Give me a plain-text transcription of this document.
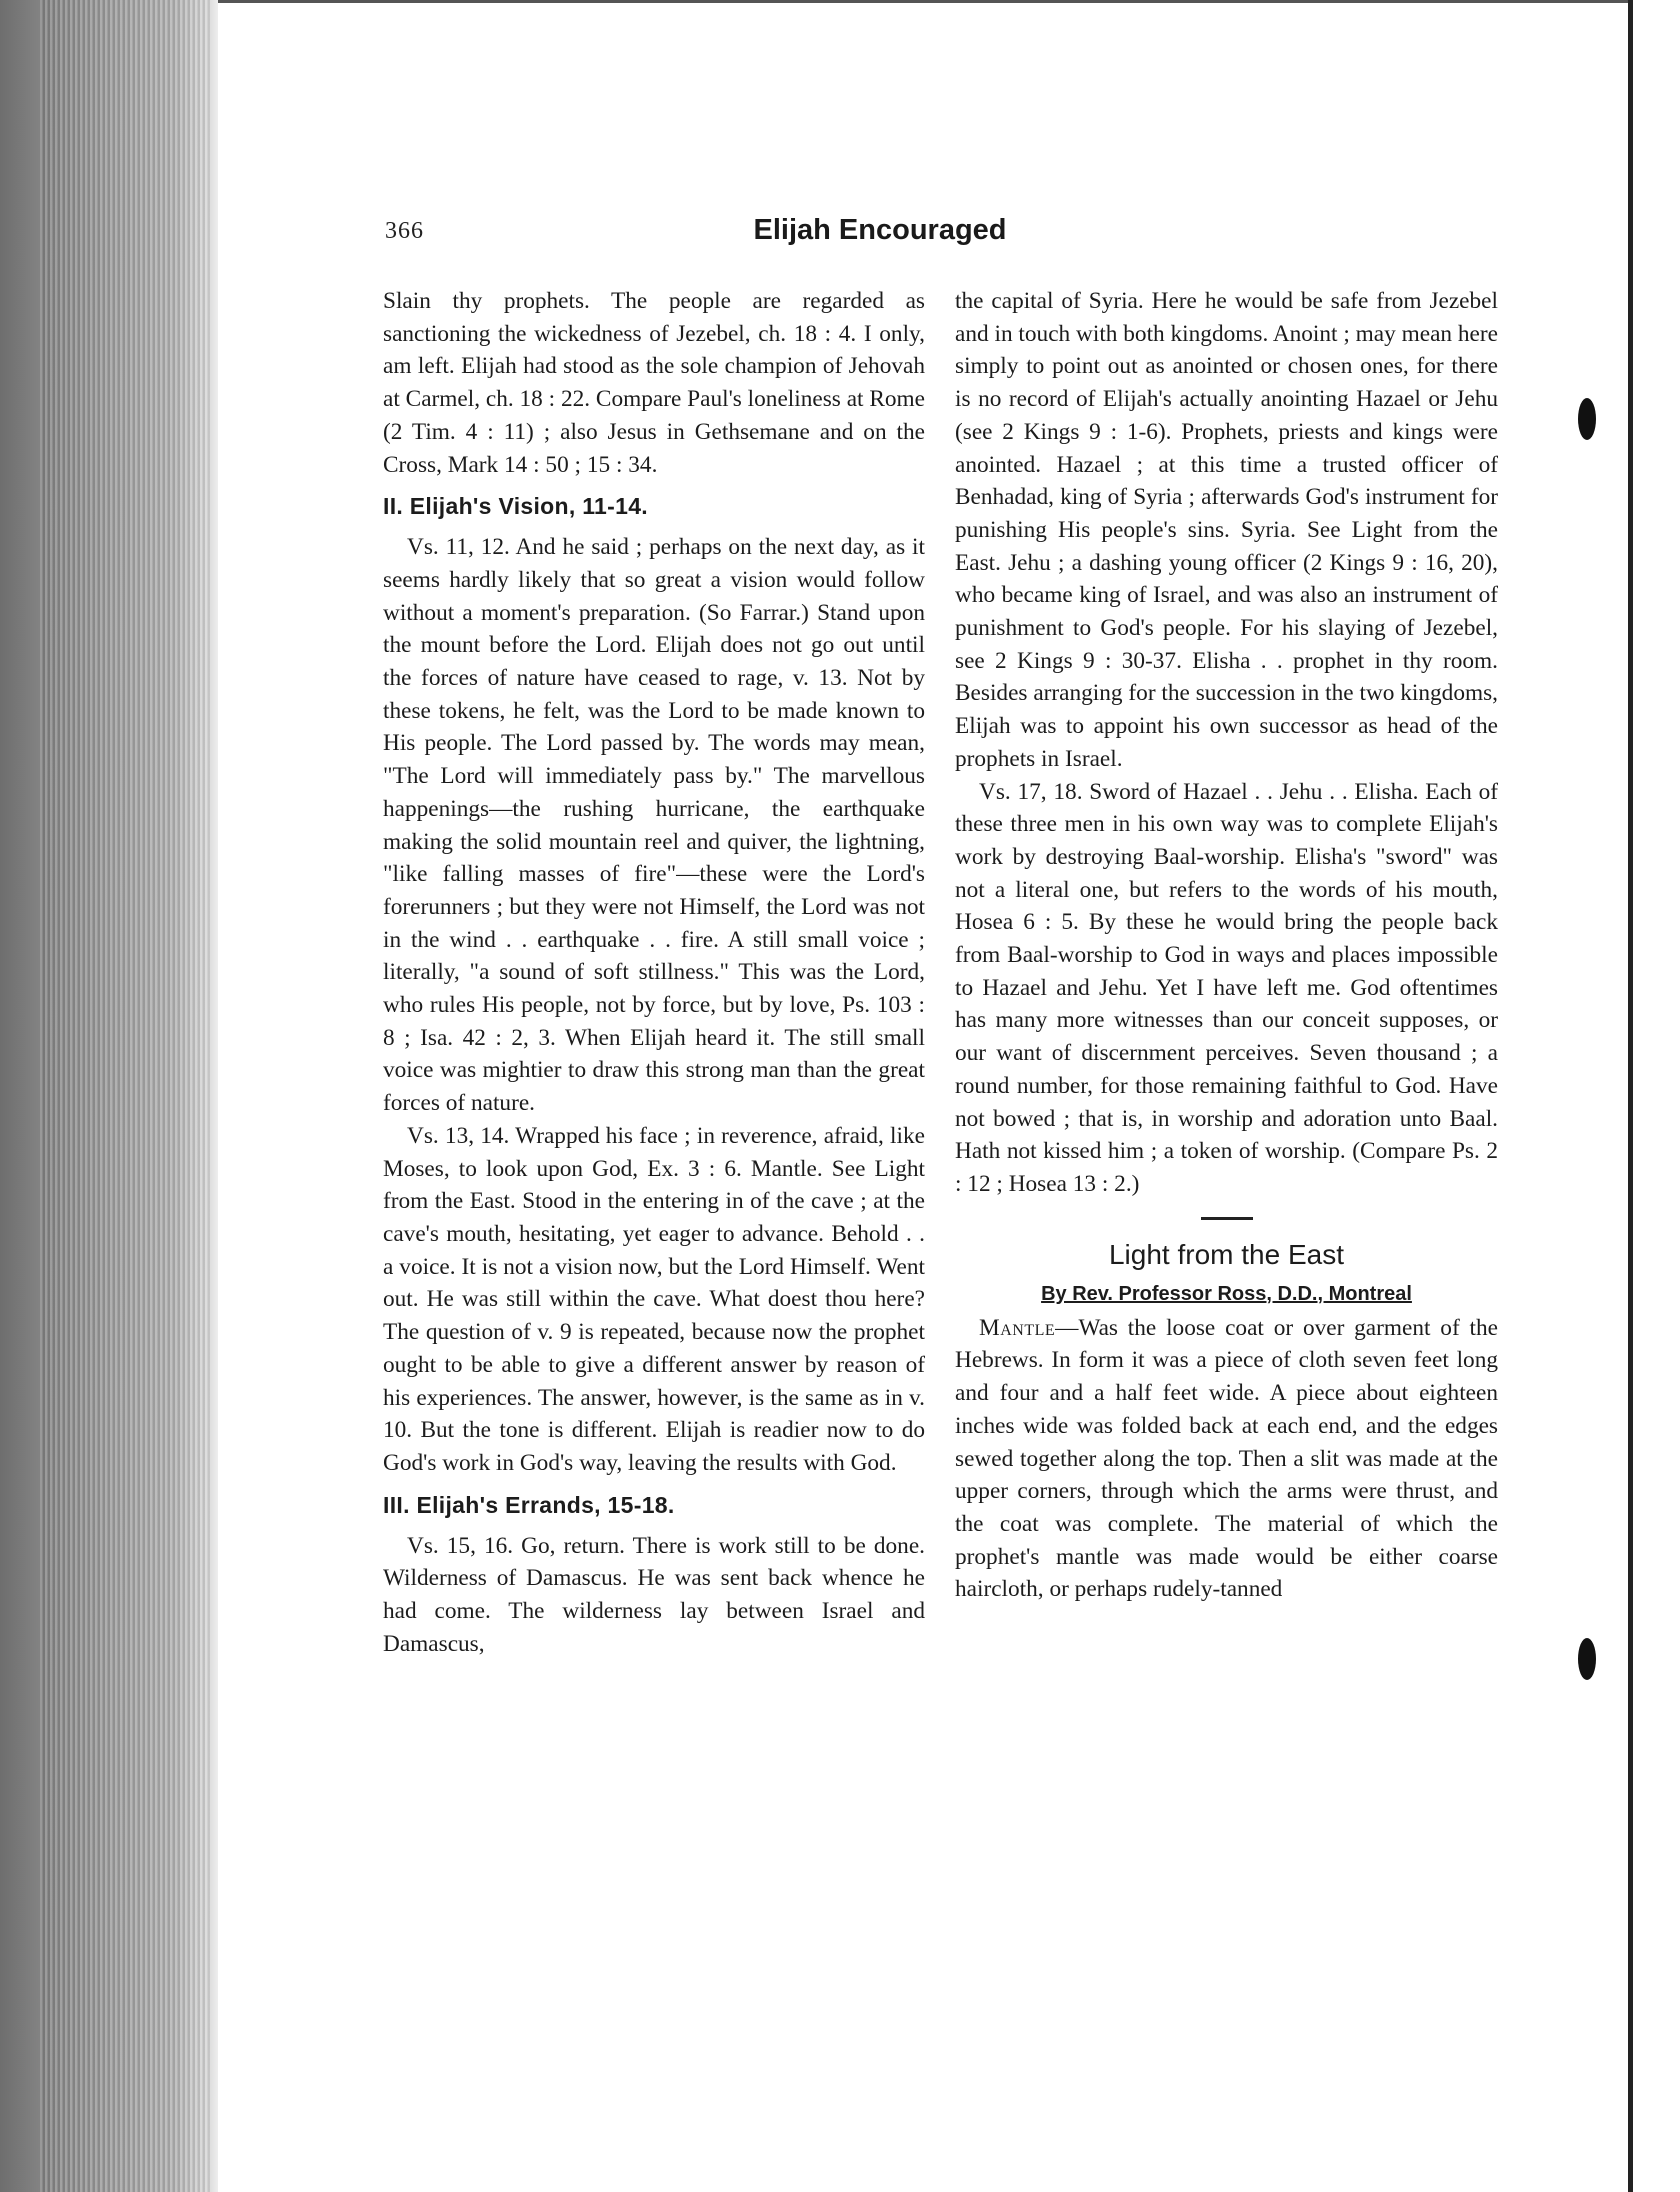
366	Elijah Encouraged

Slain thy prophets. The people are regarded as sanctioning the wickedness of Jezebel, ch. 18 : 4. I only, am left. Elijah had stood as the sole champion of Jehovah at Carmel, ch. 18 : 22. Compare Paul's loneliness at Rome (2 Tim. 4 : 11) ; also Jesus in Gethsemane and on the Cross, Mark 14 : 50 ; 15 : 34.

II. Elijah's Vision, 11-14.

Vs. 11, 12. And he said ; perhaps on the next day, as it seems hardly likely that so great a vision would follow without a moment's preparation. (So Farrar.) Stand upon the mount before the Lord. Elijah does not go out until the forces of nature have ceased to rage, v. 13. Not by these tokens, he felt, was the Lord to be made known to His people. The Lord passed by. The words may mean, "The Lord will immediately pass by." The marvellous happenings—the rushing hurricane, the earthquake making the solid mountain reel and quiver, the lightning, "like falling masses of fire"—these were the Lord's forerunners ; but they were not Himself, the Lord was not in the wind . . earthquake . . fire. A still small voice ; literally, "a sound of soft stillness." This was the Lord, who rules His people, not by force, but by love, Ps. 103 : 8 ; Isa. 42 : 2, 3. When Elijah heard it. The still small voice was mightier to draw this strong man than the great forces of nature.

Vs. 13, 14. Wrapped his face ; in reverence, afraid, like Moses, to look upon God, Ex. 3 : 6. Mantle. See Light from the East. Stood in the entering in of the cave ; at the cave's mouth, hesitating, yet eager to advance. Behold . . a voice. It is not a vision now, but the Lord Himself. Went out. He was still within the cave. What doest thou here? The question of v. 9 is repeated, because now the prophet ought to be able to give a different answer by reason of his experiences. The answer, however, is the same as in v. 10. But the tone is different. Elijah is readier now to do God's work in God's way, leaving the results with God.

III. Elijah's Errands, 15-18.

Vs. 15, 16. Go, return. There is work still to be done. Wilderness of Damascus. He was sent back whence he had come. The wilderness lay between Israel and Damascus,

the capital of Syria. Here he would be safe from Jezebel and in touch with both kingdoms. Anoint ; may mean here simply to point out as anointed or chosen ones, for there is no record of Elijah's actually anointing Hazael or Jehu (see 2 Kings 9 : 1-6). Prophets, priests and kings were anointed. Hazael ; at this time a trusted officer of Benhadad, king of Syria ; afterwards God's instrument for punishing His people's sins. Syria. See Light from the East. Jehu ; a dashing young officer (2 Kings 9 : 16, 20), who became king of Israel, and was also an instrument of punishment to God's people. For his slaying of Jezebel, see 2 Kings 9 : 30-37. Elisha . . prophet in thy room. Besides arranging for the succession in the two kingdoms, Elijah was to appoint his own successor as head of the prophets in Israel.

Vs. 17, 18. Sword of Hazael . . Jehu . . Elisha. Each of these three men in his own way was to complete Elijah's work by destroying Baal-worship. Elisha's "sword" was not a literal one, but refers to the words of his mouth, Hosea 6 : 5. By these he would bring the people back from Baal-worship to God in ways and places impossible to Hazael and Jehu. Yet I have left me. God oftentimes has many more witnesses than our conceit supposes, or our want of discernment perceives. Seven thousand ; a round number, for those remaining faithful to God. Have not bowed ; that is, in worship and adoration unto Baal. Hath not kissed him ; a token of worship. (Compare Ps. 2 : 12 ; Hosea 13 : 2.)

Light from the East
By Rev. Professor Ross, D.D., Montreal

Mantle—Was the loose coat or over garment of the Hebrews. In form it was a piece of cloth seven feet long and four and a half feet wide. A piece about eighteen inches wide was folded back at each end, and the edges sewed together along the top. Then a slit was made at the upper corners, through which the arms were thrust, and the coat was complete. The material of which the prophet's mantle was made would be either coarse haircloth, or perhaps rudely-tanned
